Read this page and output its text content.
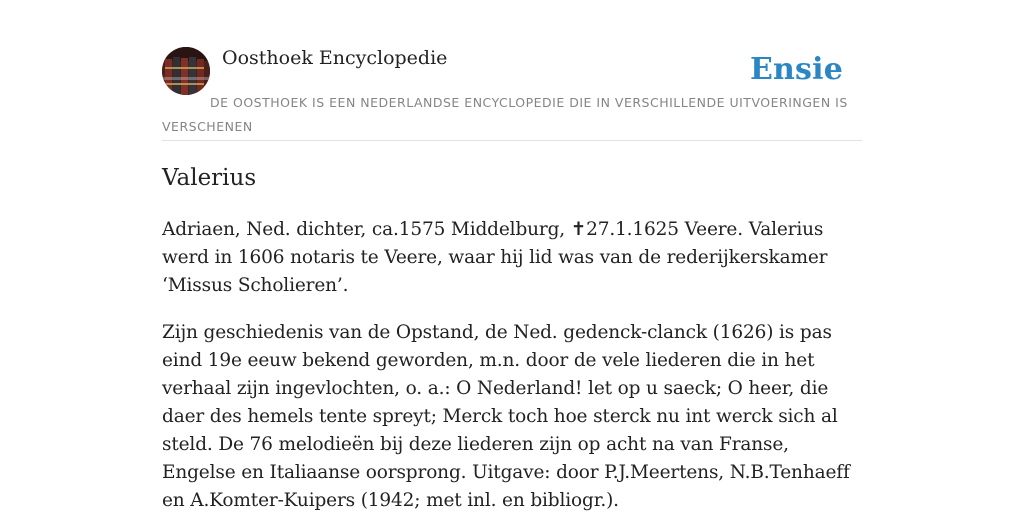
Oosthoek Encyclopedie	Ensie

DE OOSTHOEK IS EEN NEDERLANDSE ENCYCLOPEDIE DIE IN VERSCHILLENDE UITVOERINGEN IS VERSCHENEN

Valerius

Adriaen, Ned. dichter, ca.1575 Middelburg, ✝27.1.1625 Veere. Valerius werd in 1606 notaris te Veere, waar hij lid was van de rederijkerskamer ‘Missus Scholieren’.

Zijn geschiedenis van de Opstand, de Ned. gedenck-clanck (1626) is pas eind 19e eeuw bekend geworden, m.n. door de vele liederen die in het verhaal zijn ingevlochten, o. a.: O Nederland! let op u saeck; O heer, die daer des hemels tente spreyt; Merck toch hoe sterck nu int werck sich al steld. De 76 melodieën bij deze liederen zijn op acht na van Franse, Engelse en Italiaanse oorsprong. Uitgave: door P.J.Meertens, N.B.Tenhaeff en A.Komter-Kuipers (1942; met inl. en bibliogr.).
